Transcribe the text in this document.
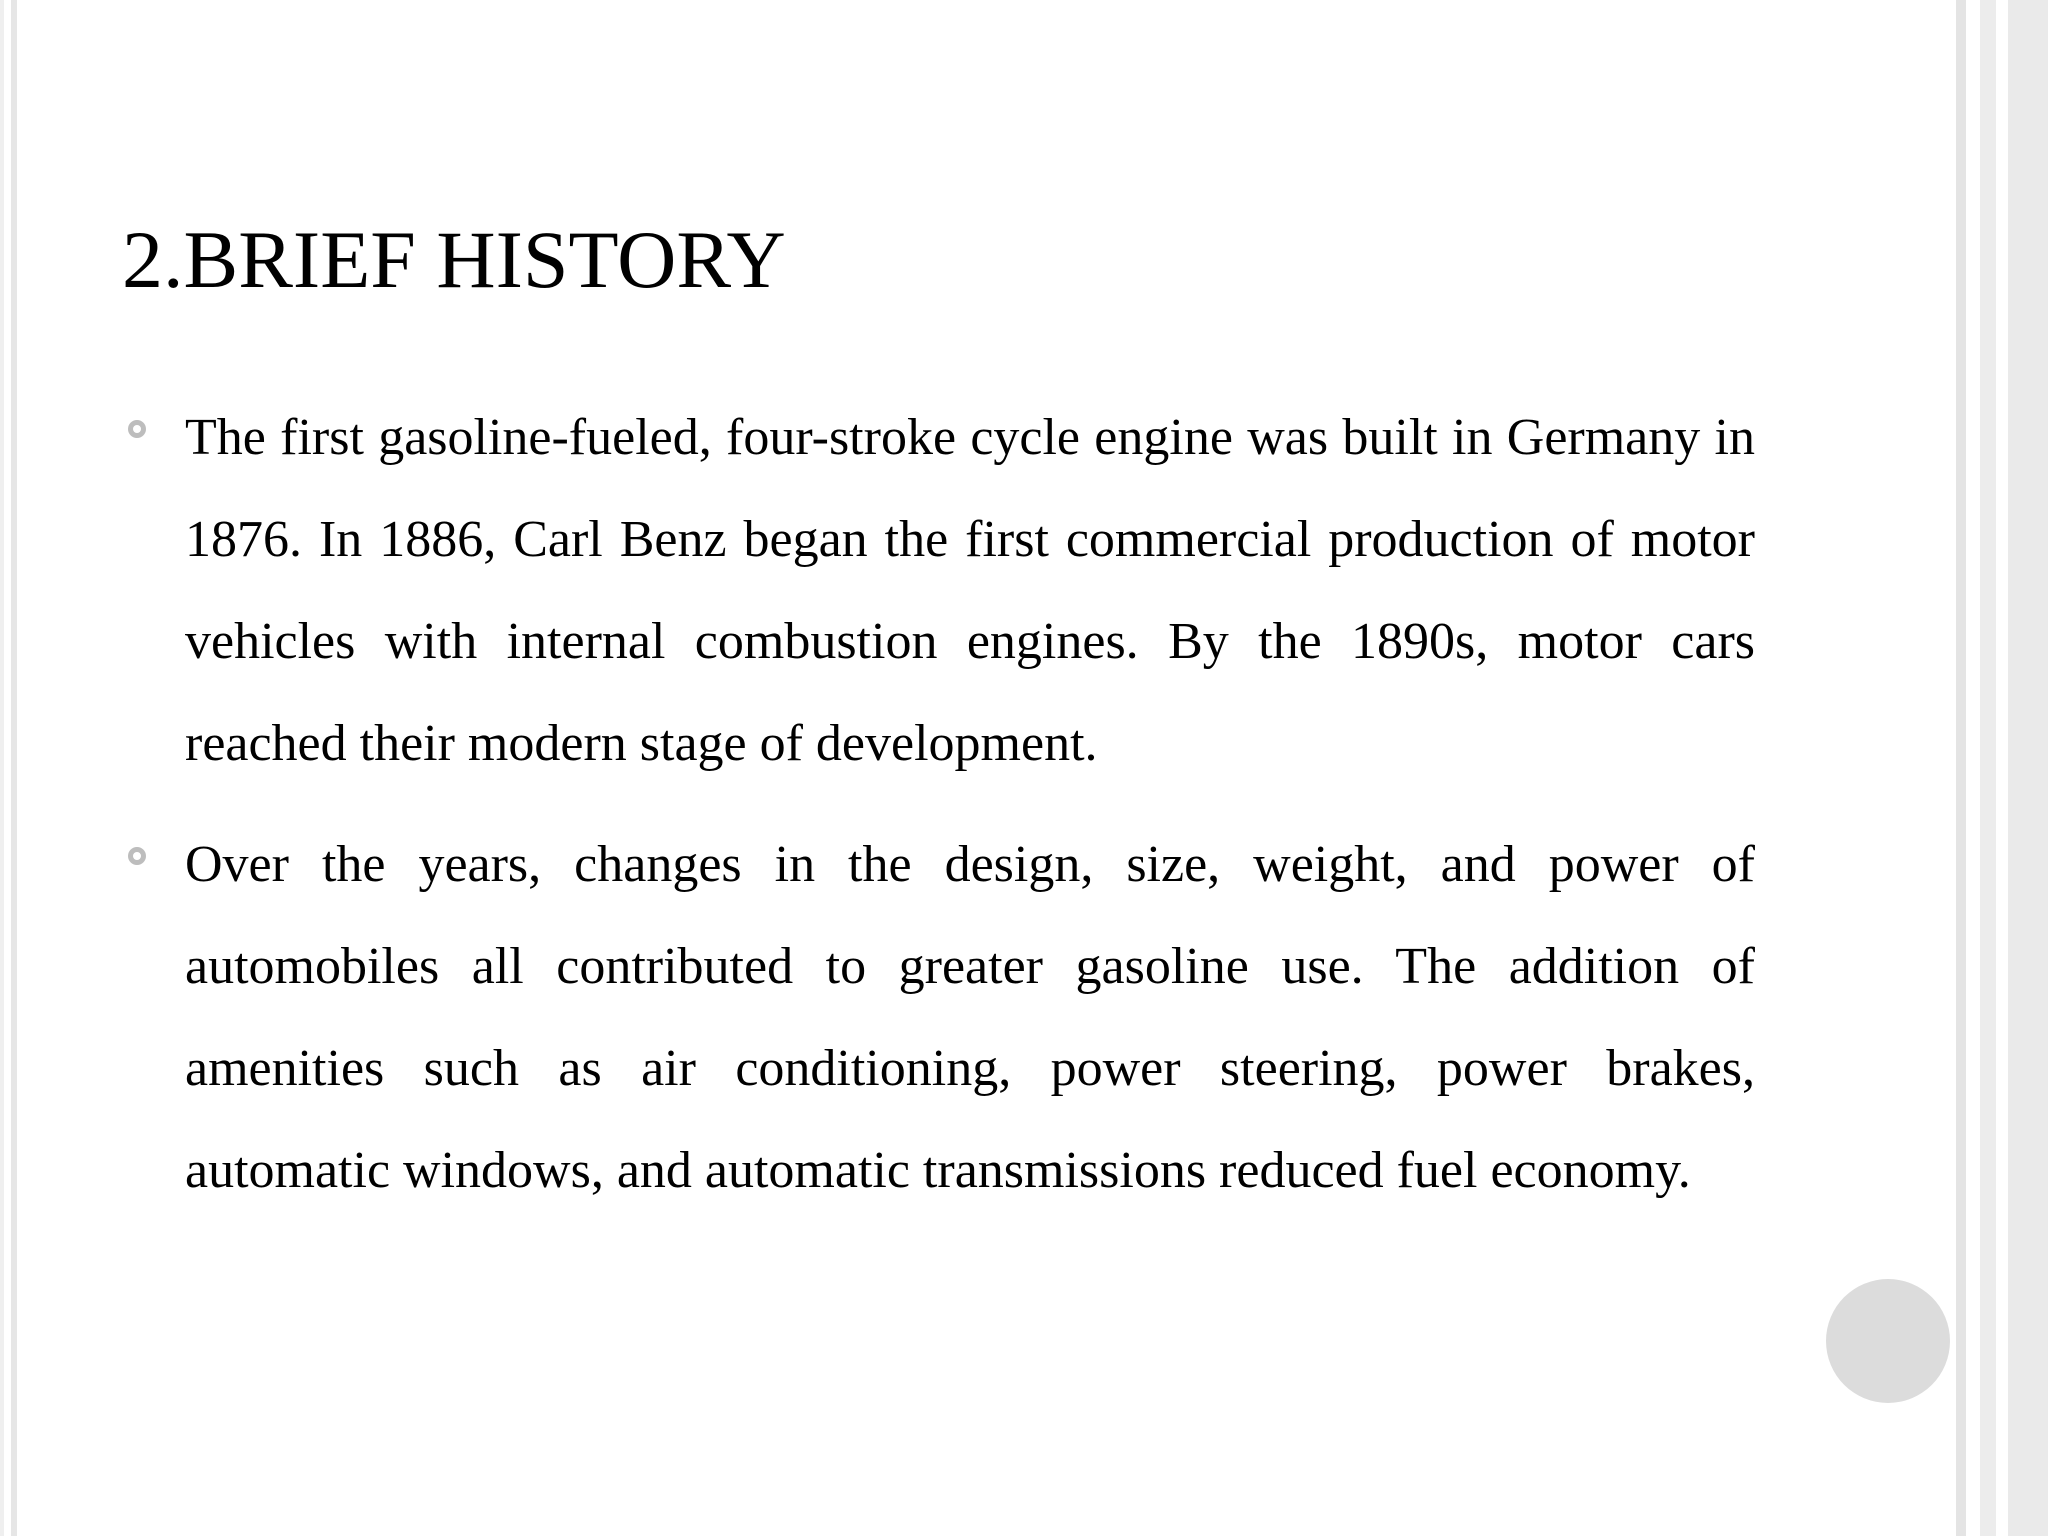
2.BRIEF HISTORY

The first gasoline-fueled, four-stroke cycle engine was built in Germany in 1876. In 1886, Carl Benz began the first commercial production of motor vehicles with internal combustion engines. By the 1890s, motor cars reached their modern stage of development.

Over the years, changes in the design, size, weight, and power of automobiles all contributed to greater gasoline use. The addition of amenities such as air conditioning, power steering, power brakes, automatic windows, and automatic transmissions reduced fuel economy.
